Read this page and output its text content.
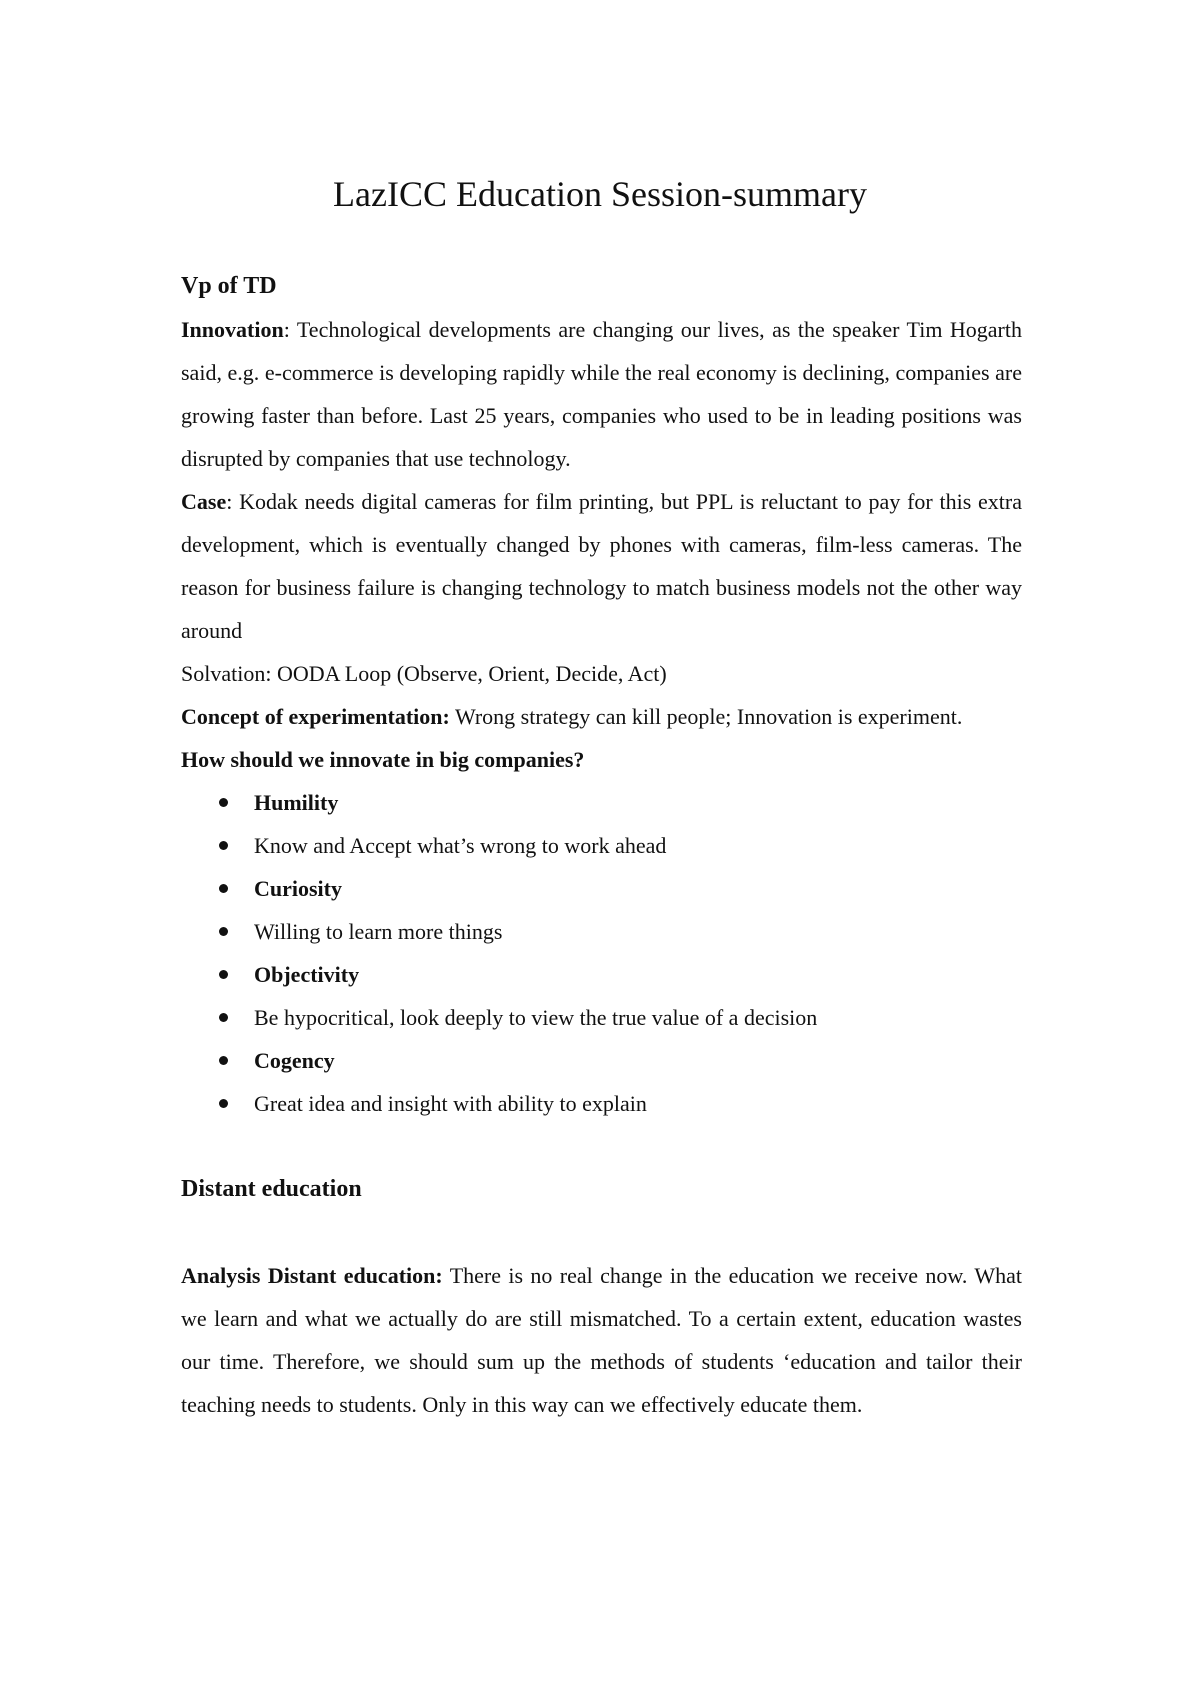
LazICC Education Session-summary
Vp of TD

Innovation: Technological developments are changing our lives, as the speaker Tim Hogarth said, e.g. e-commerce is developing rapidly while the real economy is declining, companies are growing faster than before. Last 25 years, companies who used to be in leading positions was disrupted by companies that use technology.

Case: Kodak needs digital cameras for film printing, but PPL is reluctant to pay for this extra development, which is eventually changed by phones with cameras, film-less cameras. The reason for business failure is changing technology to match business models not the other way around

Solvation: OODA Loop (Observe, Orient, Decide, Act)

Concept of experimentation: Wrong strategy can kill people; Innovation is experiment.

How should we innovate in big companies?

Humility
Know and Accept what’s wrong to work ahead
Curiosity
Willing to learn more things
Objectivity
Be hypocritical, look deeply to view the true value of a decision
Cogency
Great idea and insight with ability to explain
Distant education

Analysis Distant education: There is no real change in the education we receive now. What we learn and what we actually do are still mismatched. To a certain extent, education wastes our time. Therefore, we should sum up the methods of students ‘education and tailor their teaching needs to students. Only in this way can we effectively educate them.
